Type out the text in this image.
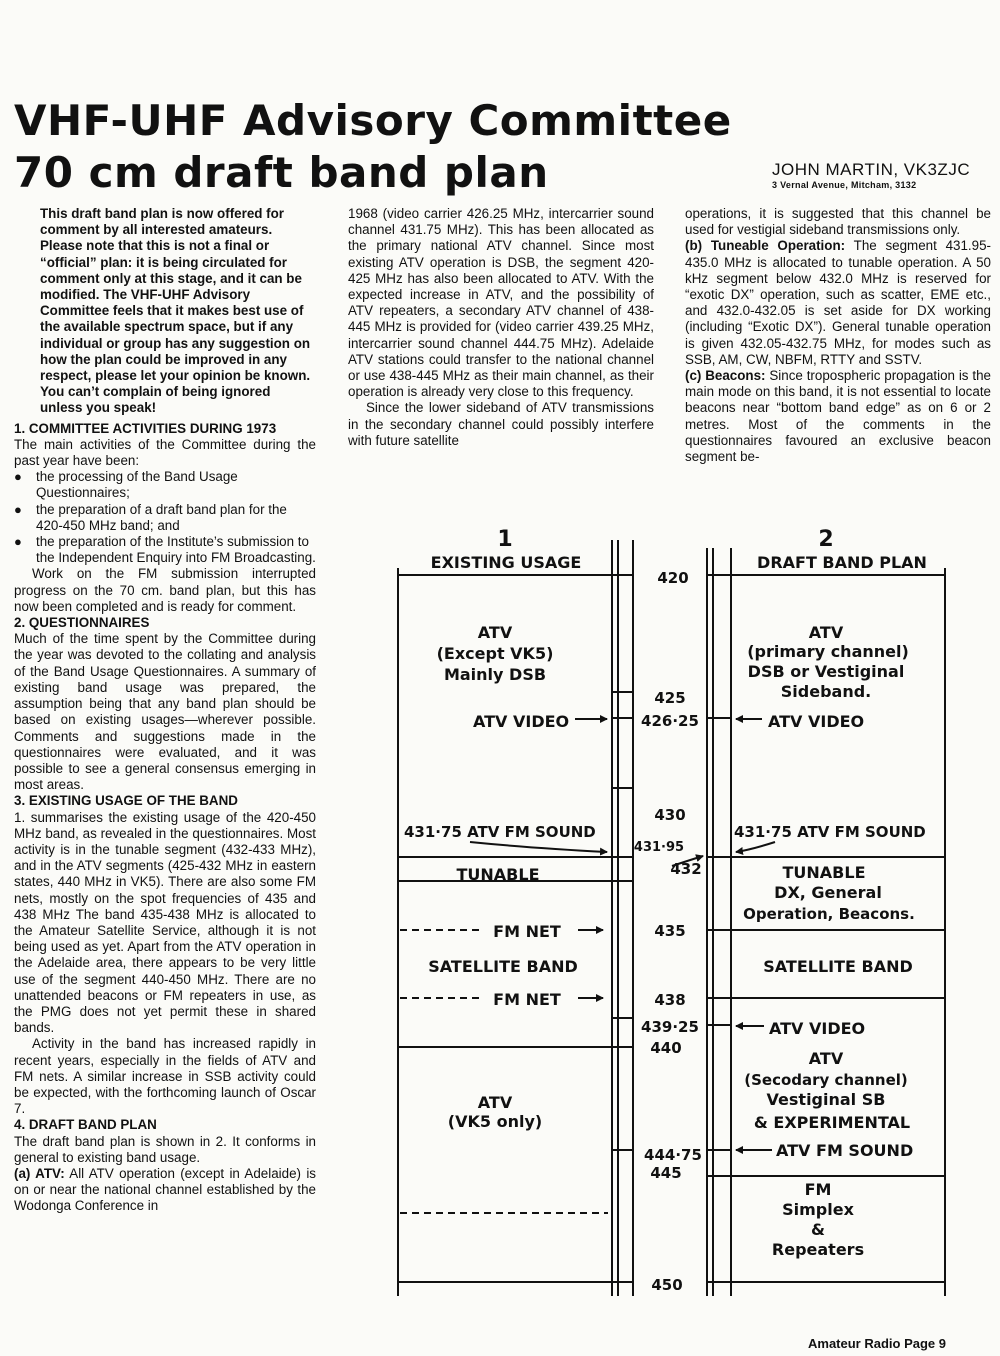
VHF-UHF Advisory Committee
70 cm draft band plan	JOHN MARTIN, VK3ZJC
3 Vernal Avenue, Mitcham, 3132

This draft band plan is now offered for comment by all interested amateurs. Please note that this is not a final or “official” plan: it is being circulated for comment only at this stage, and it can be modified. The VHF-UHF Advisory Committee feels that it makes best use of the available spectrum space, but if any individual or group has any suggestion on how the plan could be improved in any respect, please let your opinion be known.

You can’t complain of being ignored unless you speak!

1. COMMITTEE ACTIVITIES DURING 1973

The main activities of the Committee during the past year have been:

● the processing of the Band Usage Questionnaires;
● the preparation of a draft band plan for the 420-450 MHz band; and
● the preparation of the Institute’s submission to the Independent Enquiry into FM Broadcasting.

Work on the FM submission interrupted progress on the 70 cm. band plan, but this has now been completed and is ready for comment.

2. QUESTIONNAIRES

Much of the time spent by the Committee during the year was devoted to the collating and analysis of the Band Usage Questionnaires. A summary of existing band usage was prepared, the assumption being that any band plan should be based on existing usages—wherever possible. Comments and suggestions made in the questionnaires were evaluated, and it was possible to see a general consensus emerging in most areas.

3. EXISTING USAGE OF THE BAND

1. summarises the existing usage of the 420-450 MHz band, as revealed in the questionnaires. Most activity is in the tunable segment (432-433 MHz), and in the ATV segments (425-432 MHz in eastern states, 440 MHz in VK5). There are also some FM nets, mostly on the spot frequencies of 435 and 438 MHz The band 435-438 MHz is allocated to the Amateur Satellite Service, although it is not being used as yet. Apart from the ATV operation in the Adelaide area, there appears to be very little use of the segment 440-450 MHz. There are no unattended beacons or FM repeaters in use, as the PMG does not yet permit these in shared bands.

Activity in the band has increased rapidly in recent years, especially in the fields of ATV and FM nets. A similar increase in SSB activity could be expected, with the forthcoming launch of Oscar 7.

4. DRAFT BAND PLAN

The draft band plan is shown in 2. It conforms in general to existing band usage.

(a) ATV: All ATV operation (except in Adelaide) is on or near the national channel established by the Wodonga Conference in

1968 (video carrier 426.25 MHz, intercarrier sound channel 431.75 MHz). This has been allocated as the primary national ATV channel. Since most existing ATV operation is DSB, the segment 420-425 MHz has also been allocated to ATV. With the expected increase in ATV, and the possibility of ATV repeaters, a secondary ATV channel of 438-445 MHz is provided for (video carrier 439.25 MHz, intercarrier sound channel 444.75 MHz). Adelaide ATV stations could transfer to the national channel or use 438-445 MHz as their main channel, as their operation is already very close to this frequency.

Since the lower sideband of ATV transmissions in the secondary channel could possibly interfere with future satellite

operations, it is suggested that this channel be used for vestigial sideband transmissions only.

(b) Tuneable Operation: The segment 431.95-435.0 MHz is allocated to tunable operation. A 50 kHz segment below 432.0 MHz is reserved for “exotic DX” operation, such as scatter, EME etc., and 432.0-432.05 is set aside for DX working (including “Exotic DX”). General tunable operation is given 432.05-432.75 MHz, for modes such as SSB, AM, CW, NBFM, RTTY and SSTV.

(c) Beacons: Since tropospheric propagation is the main mode on this band, it is not essential to locate beacons near “bottom band edge” as on 6 or 2 metres. Most of the comments in the questionnaires favoured an exclusive beacon segment be-

1	2
EXISTING USAGE	DRAFT BAND PLAN
420
425
426·25
430
431·95
432
435
438
439·25
440
444·75
445
450
ATV
(Except VK5)
Mainly DSB
ATV VIDEO
431·75 ATV FM SOUND
TUNABLE
FM NET
SATELLITE BAND
FM NET
ATV
(VK5 only)
ATV
(primary channel)
DSB or Vestiginal
Sideband.
ATV VIDEO
431·75 ATV FM SOUND
TUNABLE
DX, General
Operation, Beacons.
SATELLITE BAND
ATV VIDEO
ATV
(Secodary channel)
Vestiginal SB
& EXPERIMENTAL
ATV FM SOUND
FM
Simplex
&
Repeaters
Amateur Radio Page 9
